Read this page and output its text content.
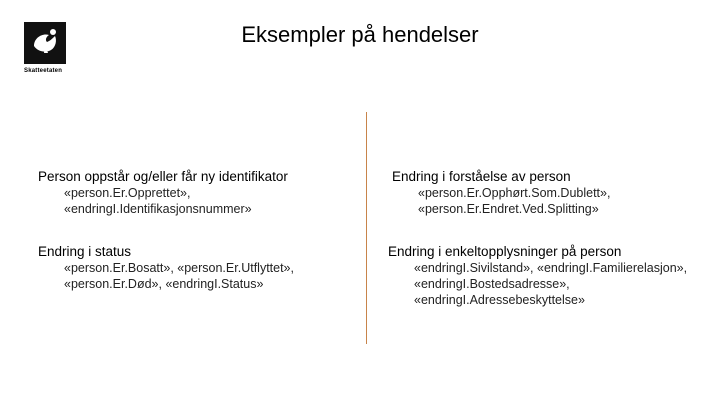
Skatteetaten
Eksempler på hendelser
Person oppstår og/eller får ny identifikator
«person.Er.Opprettet»,
«endringI.Identifikasjonsnummer»
Endring i status
«person.Er.Bosatt», «person.Er.Utflyttet»,
«person.Er.Død», «endringI.Status»
Endring i forståelse av person
«person.Er.Opphørt.Som.Dublett»,
«person.Er.Endret.Ved.Splitting»
Endring i enkeltopplysninger på person
«endringI.Sivilstand», «endringI.Familierelasjon»,
«endringI.Bostedsadresse»,
«endringI.Adressebeskyttelse»
